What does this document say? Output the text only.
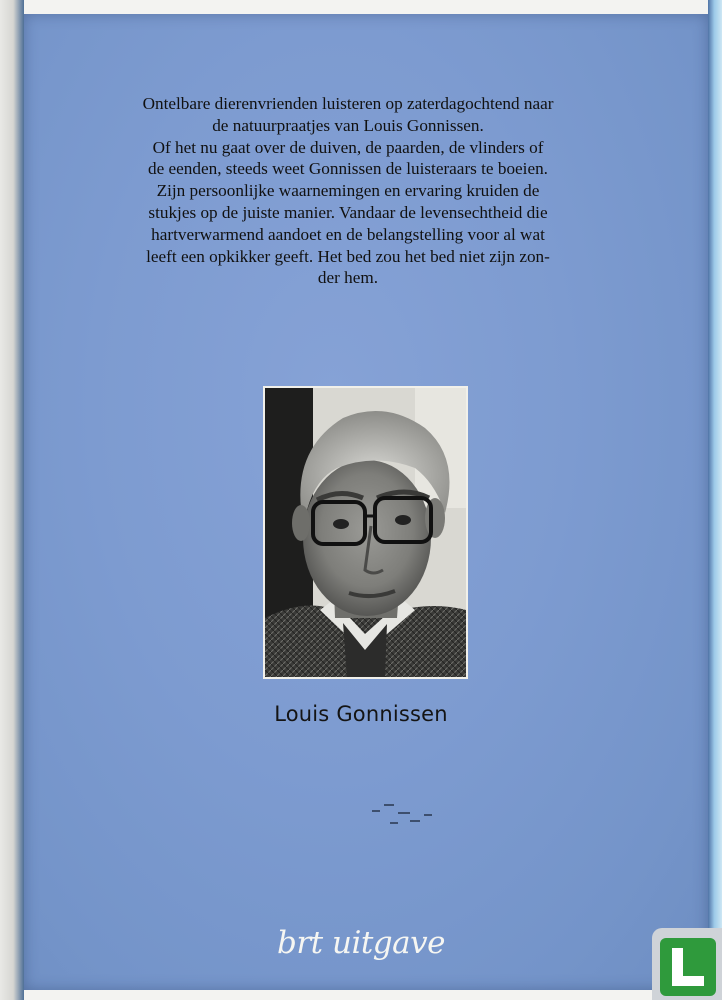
Ontelbare dierenvrienden luisteren op zaterdagochtend naar
de natuurpraatjes van Louis Gonnissen.
Of het nu gaat over de duiven, de paarden, de vlinders of
de eenden, steeds weet Gonnissen de luisteraars te boeien.
Zijn persoonlijke waarnemingen en ervaring kruiden de
stukjes op de juiste manier. Vandaar de levensechtheid die
hartverwarmend aandoet en de belangstelling voor al wat
leeft een opkikker geeft. Het bed zou het bed niet zijn zon-
der hem.

Louis Gonnissen
brt uitgave
